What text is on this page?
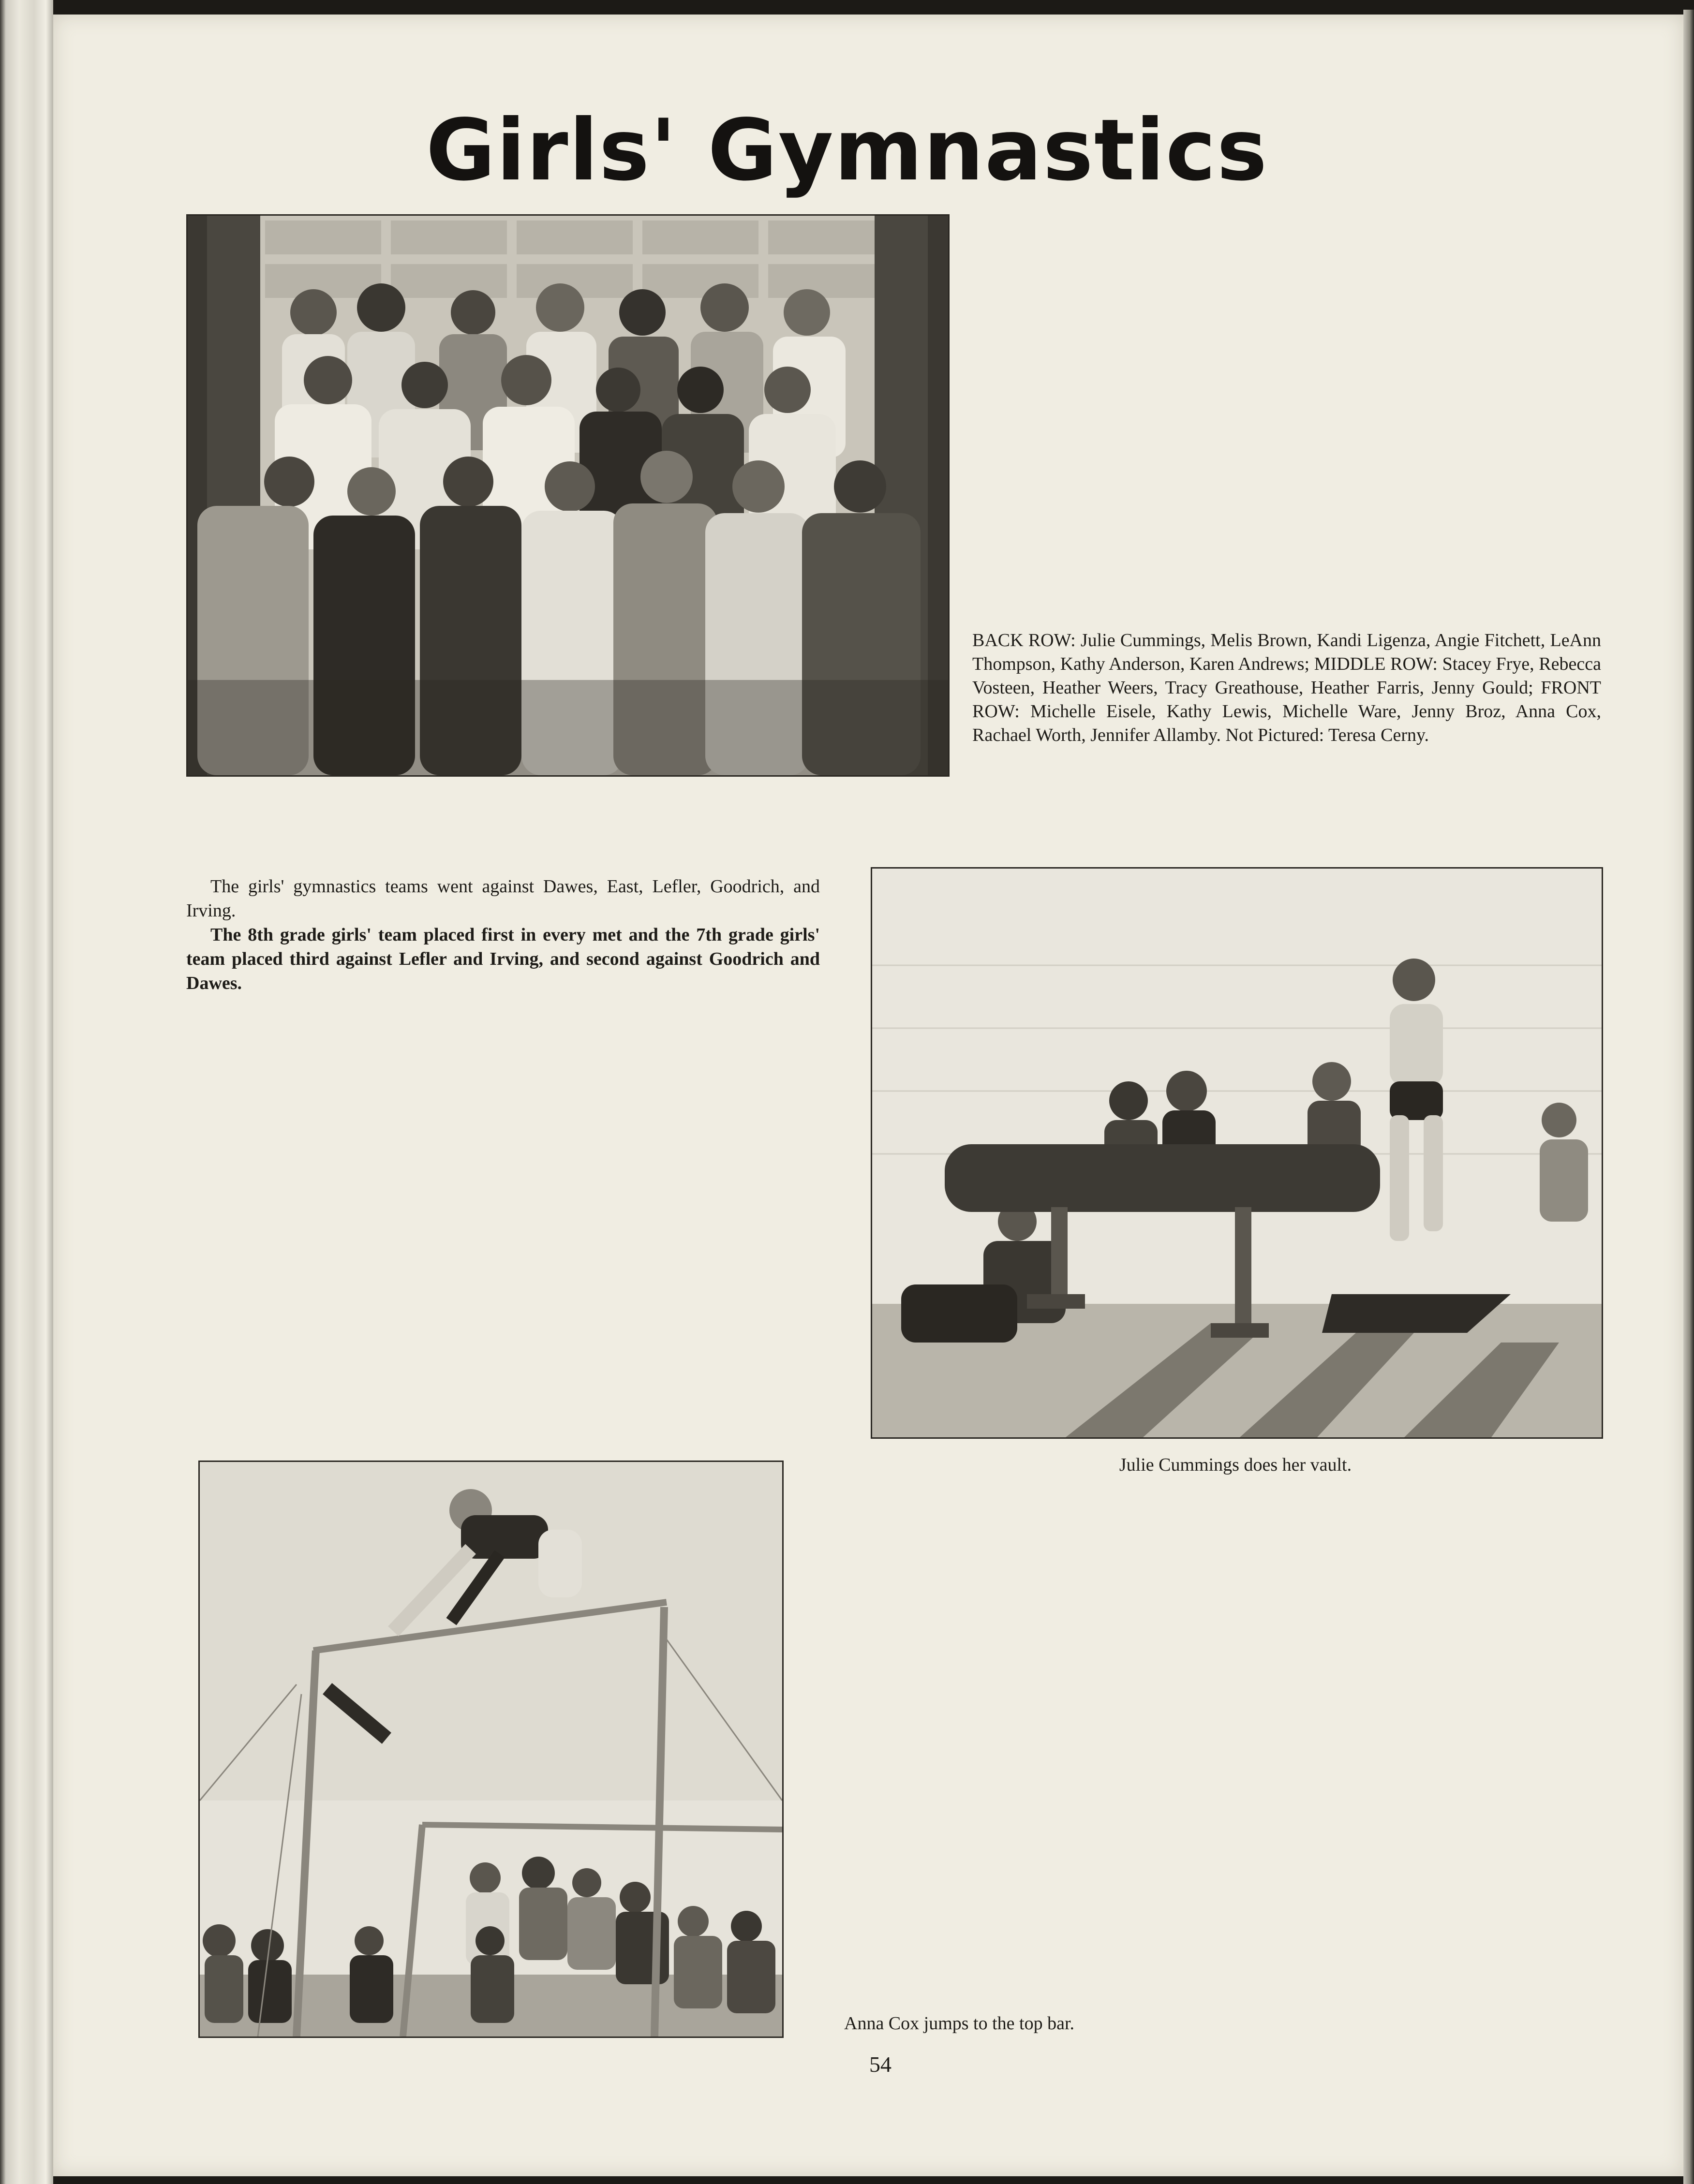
Girls' Gymnastics

BACK ROW: Julie Cummings, Melis Brown, Kandi Ligenza, Angie Fitchett, LeAnn Thompson, Kathy Anderson, Karen Andrews; MIDDLE ROW: Stacey Frye, Rebecca Vosteen, Heather Weers, Tracy Greathouse, Heather Farris, Jenny Gould; FRONT ROW: Michelle Eisele, Kathy Lewis, Michelle Ware, Jenny Broz, Anna Cox, Rachael Worth, Jennifer Allamby. Not Pictured: Teresa Cerny.

The girls' gymnastics teams went against Dawes, East, Lefler, Goodrich, and Irving.

The 8th grade girls' team placed first in every met and the 7th grade girls' team placed third against Lefler and Irving, and second against Goodrich and Dawes.

Julie Cummings does her vault.

Anna Cox jumps to the top bar.

54
